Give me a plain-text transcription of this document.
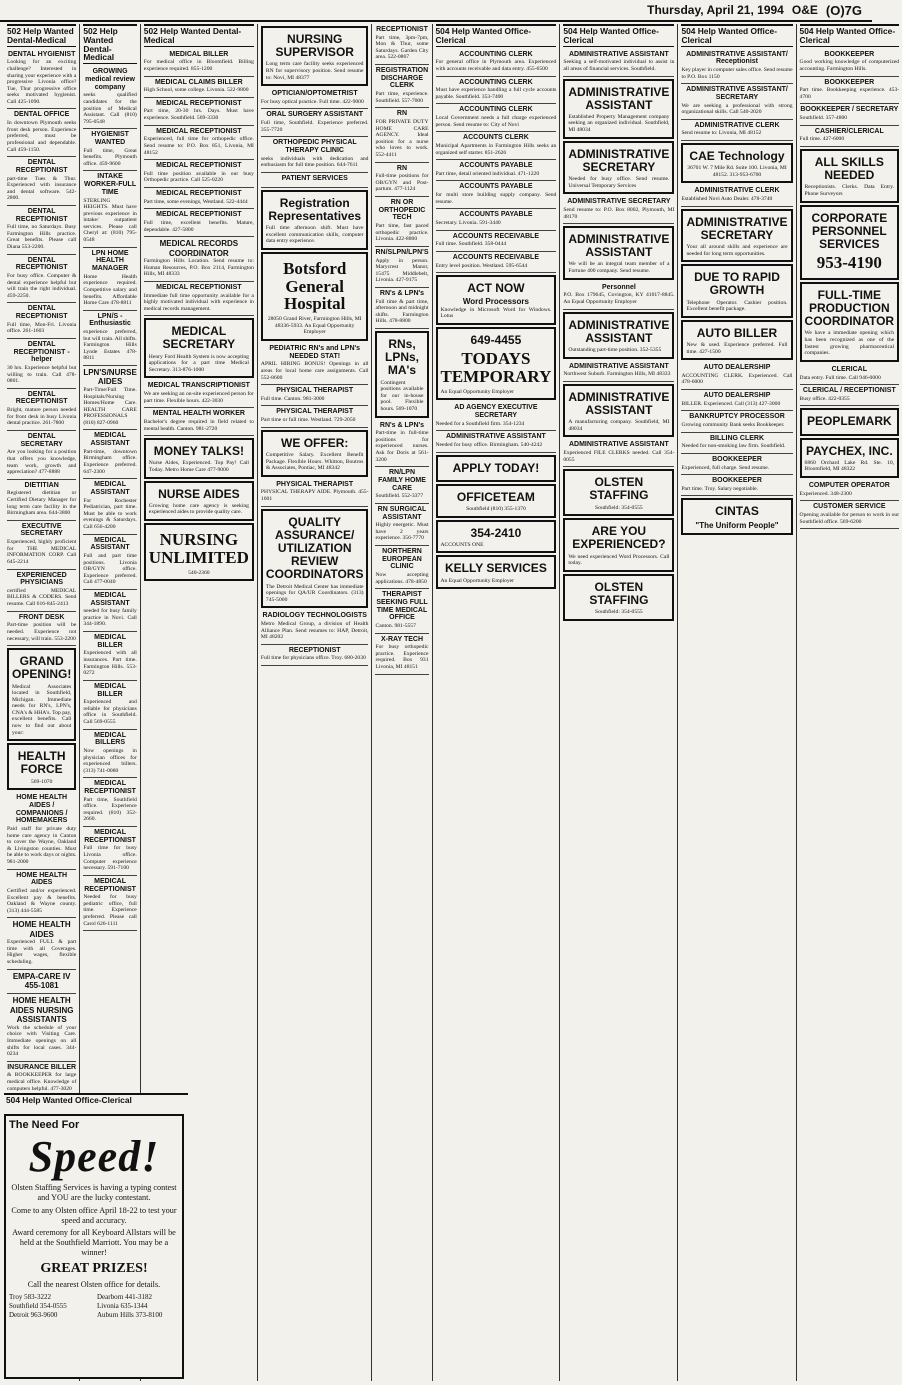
Thursday, April 21, 1994 O&E (O)7G
502 Help Wanted Dental-Medical
DENTAL HYGIENIST
Looking for an exciting challenge? Interested in sharing your experience with a progressive Livonia office? Tue, Thur progressive office seeks motivated hygienist. Call 425-1090.
DENTAL OFFICE
In downtown Plymouth seeks front desk person. Experience preferred, must be professional and dependable. Call 459-1150.
DENTAL RECEPTIONIST
part-time Tues & Thur. Experienced with insurance and dental software. 542-2800.
DENTAL RECEPTIONIST
Full time, no Saturdays. Busy Farmington Hills practice. Great benefits. Please call Diana 553-2200.
DENTAL RECEPTIONIST
For busy office. Computer & dental experience helpful but will train the right individual. 459-2250.
DENTAL RECEPTIONIST
Full time, Mon-Fri. Livonia office. 261-1603
DENTAL RECEPTIONIST - helper
30 hrs. Experience helpful but willing to train. Call 478-0801.
DENTAL RECEPTIONIST
Bright, mature person needed for front desk in busy Livonia dental practice. 261-7800
DENTAL SECRETARY
Are you looking for a position that offers you knowledge, team work, growth and appreciation? 477-8888
DIETITIAN
Registered dietitian or Certified Dietary Manager for long term care facility in the Birmingham area. 644-3800
EXECUTIVE SECRETARY
Experienced, highly proficient for THE MEDICAL INFORMATION CORP. Call 645-2214
EXPERIENCED PHYSICIANS
certified MEDICAL BILLERS & CODERS. Send resume. Call 616-845-2413
FRONT DESK
Part-time position will be needed. Experience not necessary, will train. 553-2200
GRAND OPENING!
Medical Associates located in Southfield, Michigan. Immediate needs for RN's, LPN's, CNA's & HHA's. Top pay, excellent benefits. Call now to find out about your:
HEALTH FORCE
569-1070
HOME HEALTH AIDES / COMPANIONS / HOMEMAKERS
Paid staff for private duty home care agency in Canton to cover the Wayne, Oakland & Livingston counties. Must be able to work days or nights. 981-2000
HOME HEALTH AIDES
Certified and/or experienced. Excellent pay & benefits. Oakland & Wayne county. (313) 444-5585
HOME HEALTH AIDES
Experienced FULL & part time with all Coverages. Higher wages, flexible scheduling.
EMPA-CARE IV 455-1081
HOME HEALTH AIDES NURSING ASSISTANTS
Work the schedule of your choice with Visiting Care. Immediate openings on all shifts for local cases. 344-0234
INSURANCE BILLER
& BOOKKEEPER for large medical office. Knowledge of computers helpful. 477-3020
502 Help Wanted Dental-Medical
GROWING medical review company
seeks qualified candidates for the position of Medical Assistant. Call (810) 795-0548
HYGIENIST WANTED
Full time, Great benefits. Plymouth office. 459-9600
INTAKE WORKER-FULL TIME
STERLING HEIGHTS. Must have previous experience in intake/ outpatient services. Please call Cheryl at: (810) 795-0548
LPN HOME HEALTH MANAGER
Home Health experience required. Competitive salary and benefits. Affordable Home Care 478-8811
LPN/S - Enthusiastic
experience preferred, but will train. All shifts. Farmington Hills Lynde Estates 478-8811
LPN'S/NURSE AIDES
Part-Time/Full Time. Hospitals/Nursing Homes/Home Care. HEALTH CARE PROFESSIONALS (810) 827-0960
MEDICAL ASSISTANT
Part-time, downtown Birmingham office. Experience preferred. 647-2300
MEDICAL ASSISTANT
For Rochester Pediatrician, part time. Must be able to work evenings & Saturdays. Call 656-4200
MEDICAL ASSISTANT
Full and part time positions. Livonia OB/GYN office. Experience preferred. Call 477-0040
MEDICAL ASSISTANT
needed for busy family practice in Novi. Call 344-1890.
MEDICAL BILLER
Experienced with all insurances. Part time. Farmington Hills. 553-0272
MEDICAL BILLER
Experienced and reliable for physicians office in Southfield. Call 569-0555
MEDICAL BILLERS
Now openings in physician offices for experienced billers. (313) 741-0080
MEDICAL RECEPTIONIST
Part time, Southfield office. Experience required. (810) 352-2660.
MEDICAL RECEPTIONIST
Full time for busy Livonia office. Computer experience necessary. 591-7100
MEDICAL RECEPTIONIST
Needed for busy pediatric office, full time. Experience preferred. Please call Carol 626-1111
502 Help Wanted Dental-Medical
MEDICAL BILLER
For medical office in Bloomfield. Billing experience required. 855-1200
MEDICAL CLAIMS BILLER
High School, some college. Livonia. 522-9800
MEDICAL RECEPTIONIST
Part time, 20-30 hrs. Days. Must have experience. Southfield. 569-3330
MEDICAL RECEPTIONIST
Experienced, full time for orthopedic office. Send resume to: P.O. Box 851, Livonia, MI 48152
MEDICAL RECEPTIONIST
Full time position available in our busy Orthopedic practice. Call 525-0220
MEDICAL RECEPTIONIST
Part time, some evenings, Westland. 522-4444
MEDICAL RECEPTIONIST
Full time, excellent benefits. Mature, dependable. 427-5800
MEDICAL RECORDS COORDINATOR
Farmington Hills Location. Send resume to: Human Resources, P.O. Box 2114, Farmington Hills, MI 48333
MEDICAL RECEPTIONIST
Immediate full time opportunity available for a highly motivated individual with experience in medical records management.
MEDICAL SECRETARY
Henry Ford Health System is now accepting applications for a part time Medical Secretary. 313-876-1000
MEDICAL TRANSCRIPTIONIST
We are seeking an on-site experienced person for part time. Flexible hours. 422-3030
MENTAL HEALTH WORKER
Bachelor's degree required in field related to mental health. Canton. 981-2720
MONEY TALKS!
Nurse Aides, Experienced. Top Pay! Call Today. Metro Home Care 477-9000
NURSE AIDES
Growing home care agency is seeking experienced aides to provide quality care.
NURSING UNLIMITED
540-2360
NURSING SUPERVISOR
Long term care facility seeks experienced RN for supervisory position. Send resume to: Novi, MI 48377
OPTICIAN/OPTOMETRIST
For busy optical practice. Full time. 422-9000
ORAL SURGERY ASSISTANT
Full time, Southfield. Experience preferred. 355-7720
ORTHOPEDIC PHYSICAL THERAPY CLINIC
seeks individuals with dedication and enthusiasm for full time position. 644-7611
PATIENT SERVICES
Registration Representatives
Full time afternoon shift. Must have excellent communication skills, computer data entry experience.
Botsford General Hospital
28050 Grand River, Farmington Hills, MI 48336-5933. An Equal Opportunity Employer
PEDIATRIC RN's and LPN's NEEDED STAT!
APRIL HIRING BONUS! Openings in all areas for local home care assignments. Call 552-8600
PHYSICAL THERAPIST
Full time. Canton. 981-3000
PHYSICAL THERAPIST
Part time or full time. Westland. 729-2050
WE OFFER:
Competitive Salary. Excellent Benefit Package. Flexible Hours. Whitton, Boutros & Associates, Pontiac, MI 48342
PHYSICAL THERAPIST
PHYSICAL THERAPY AIDE. Plymouth. 455-1601
QUALITY ASSURANCE/ UTILIZATION REVIEW COORDINATORS
The Detroit Medical Center has immediate openings for QA/UR Coordinators. (313) 745-5000
RADIOLOGY TECHNOLOGISTS
Metro Medical Group, a division of Health Alliance Plan. Send resumes to: HAP, Detroit, MI 48202
RECEPTIONIST
Full time for physicians office. Troy. 680-2030
RECEPTIONIST
Part time, 3pm-7pm, Mon & Thur, some Saturdays. Garden City area. 522-0867
REGISTRATION DISCHARGE CLERK
Part time, experience. Southfield. 557-7000
RN
FOR PRIVATE DUTY HOME CARE AGENCY. Ideal position for a nurse who loves to work. 552-4411
RN
Full-time positions for OB/GYN and Post-partum. 477-1124
RN OR ORTHOPEDIC TECH
Part time, fast paced orthopedic practice. Livonia. 422-8800
RN/SLPN/LPN'S
Apply in person. Marycrest Manor, 15475 Middlebelt, Livonia. 427-9175
RN's & LPN's
Full time & part time, afternoon and midnight shifts. Farmington Hills. 478-8800
RNs, LPNs, MA's
Contingent positions available for our in-house pool. Flexible hours. 569-1070
RN's & LPN's
Part-time in full-time positions for experienced nurses. Ask for Doris at 561-3200
RN/LPN FAMILY HOME CARE
Southfield. 552-3377
RN SURGICAL ASSISTANT
Highly energetic. Must have 2 years experience. 356-7770
NORTHERN EUROPEAN CLINIC
Now accepting applications. 478-4850
THERAPIST SEEKING FULL TIME MEDICAL OFFICE
Canton. 981-5557
X-RAY TECH
For busy orthopedic practice. Experience required. Box 931 Livonia, MI 48151
504 Help Wanted Office-Clerical
ACCOUNTING CLERK
For general office in Plymouth area. Experienced with accounts receivable and data entry. 455-6500
ACCOUNTING CLERK
Must have experience handling a full cycle accounts payable. Southfield. 353-7400
ACCOUNTING CLERK
Local Government needs a full charge experienced person. Send resume to: City of Novi
ACCOUNTS CLERK
Municipal Apartments in Farmington Hills seeks an organized self starter. 851-2626
ACCOUNTS PAYABLE
Part time, detail oriented individual. 471-1220
ACCOUNTS PAYABLE
for multi store building supply company. Send resume.
ACCOUNTS PAYABLE
Secretary. Livonia. 591-3440
ACCOUNTS RECEIVABLE
Full time. Southfield. 358-0444
ACCOUNTS RECEIVABLE
Entry level position. Westland. 595-6544
ACT NOW
Word Processors
Knowledge in Microsoft Word for Windows. Lotus
649-4455
TODAYS TEMPORARY
An Equal Opportunity Employer
AD AGENCY EXECUTIVE SECRETARY
Needed for a Southfield firm. 354-1234
ADMINISTRATIVE ASSISTANT
Needed for busy office. Birmingham. 540-4242
APPLY TODAY!
OFFICETEAM
Southfield (810) 355-1370
354-2410
ACCOUNTS ONE
KELLY SERVICES
An Equal Opportunity Employer
504 Help Wanted Office-Clerical
ADMINISTRATIVE ASSISTANT
Seeking a self-motivated individual to assist in all areas of financial services. Southfield.
ADMINISTRATIVE ASSISTANT
Established Property Management company seeking an organized individual. Southfield, MI 48034
ADMINISTRATIVE SECRETARY
Needed for busy office. Send resume. Universal Temporary Services
ADMINISTRATIVE SECRETARY
Send resume to: P.O. Box 8002, Plymouth, MI 48170
ADMINISTRATIVE ASSISTANT
We will be an integral team member of a Fortune 400 company. Send resume.
Personnel
P.O. Box 179645, Covington, KY 41017-8845. An Equal Opportunity Employer
ADMINISTRATIVE ASSISTANT
Outstanding part-time position. 352-5355
ADMINISTRATIVE ASSISTANT
Northwest Suburb. Farmington Hills, MI 48333
ADMINISTRATIVE ASSISTANT
A manufacturing company. Southfield, MI 48034
ADMINISTRATIVE ASSISTANT
Experienced FILE CLERKS needed. Call 354-0055
OLSTEN STAFFING
Southfield: 354-0555
ARE YOU EXPERIENCED?
We need experienced Word Processors. Call today.
OLSTEN STAFFING
Southfield: 354-0555
504 Help Wanted Office-Clerical
ADMINISTRATIVE ASSISTANT/ Receptionist
Key player in computer sales office. Send resume to P.O. Box 1150
ADMINISTRATIVE ASSISTANT/ SECRETARY
We are seeking a professional with strong organizational skills. Call 540-2020
ADMINISTRATIVE CLERK
Send resume to: Livonia, MI 48152
CAE Technology
36701 W. 7 Mile Rd. Suite 100. Livonia, MI 48152. 313-953-6700
ADMINISTRATIVE CLERK
Established Novi Auto Dealer. 478-3740
ADMINISTRATIVE SECRETARY
Your all around skills and experience are needed for long term opportunities.
DUE TO RAPID GROWTH
Telephone Operator. Cashier position. Excellent benefit package.
AUTO BILLER
New & used. Experience preferred. Full time. 427-1500
AUTO DEALERSHIP
ACCOUNTING CLERK. Experienced. Call 478-6000
AUTO DEALERSHIP
BILLER. Experienced. Call (313) 427-3000
BANKRUPTCY PROCESSOR
Growing community Bank seeks Bookkeeper.
BILLING CLERK
Needed for non-smoking law firm. Southfield.
BOOKKEEPER
Experienced, full charge. Send resume.
BOOKKEEPER
Part time. Troy. Salary negotiable.
CINTAS
"The Uniform People"
504 Help Wanted Office-Clerical
BOOKKEEPER
Good working knowledge of computerized accounting. Farmington Hills.
BOOKKEEPER
Part time. Bookkeeping experience. 453-4700
BOOKKEEPER / SECRETARY
Southfield. 357-4800
CASHIER/CLERICAL
Full time. 427-6000
ALL SKILLS NEEDED
Receptionists. Clerks. Data Entry. Phone Surveyors
CORPORATE PERSONNEL SERVICES
953-4190
FULL-TIME PRODUCTION COORDINATOR
We have a immediate opening which has been recognized as one of the fastest growing pharmaceutical companies.
CLERICAL
Data entry. Full time. Call 946-0000
CLERICAL / RECEPTIONIST
Busy office. 422-0355
PEOPLEMARK
PAYCHEX, INC.
6860 Orchard Lake Rd. Ste. 10, Bloomfield, MI 48322
COMPUTER OPERATOR
Experienced. 348-2300
CUSTOMER SERVICE
Opening available for person to work in our Southfield office. 569-6200
504 Help Wanted Office-Clerical
The Need For
Speed!

Olsten Staffing Services is having a typing contest and YOU are the lucky contestant.

Come to any Olsten office April 18-22 to test your speed and accuracy.

Award ceremony for all Keyboard Allstars will be held at the Southfield Marriott. You may be a winner!

GREAT PRIZES!

Call the nearest Olsten office for details.

Troy 583-3222	Dearborn 441-3182
Southfield 354-0555	Livonia 635-1344
Detroit 963-9600	Auburn Hills 373-8100
